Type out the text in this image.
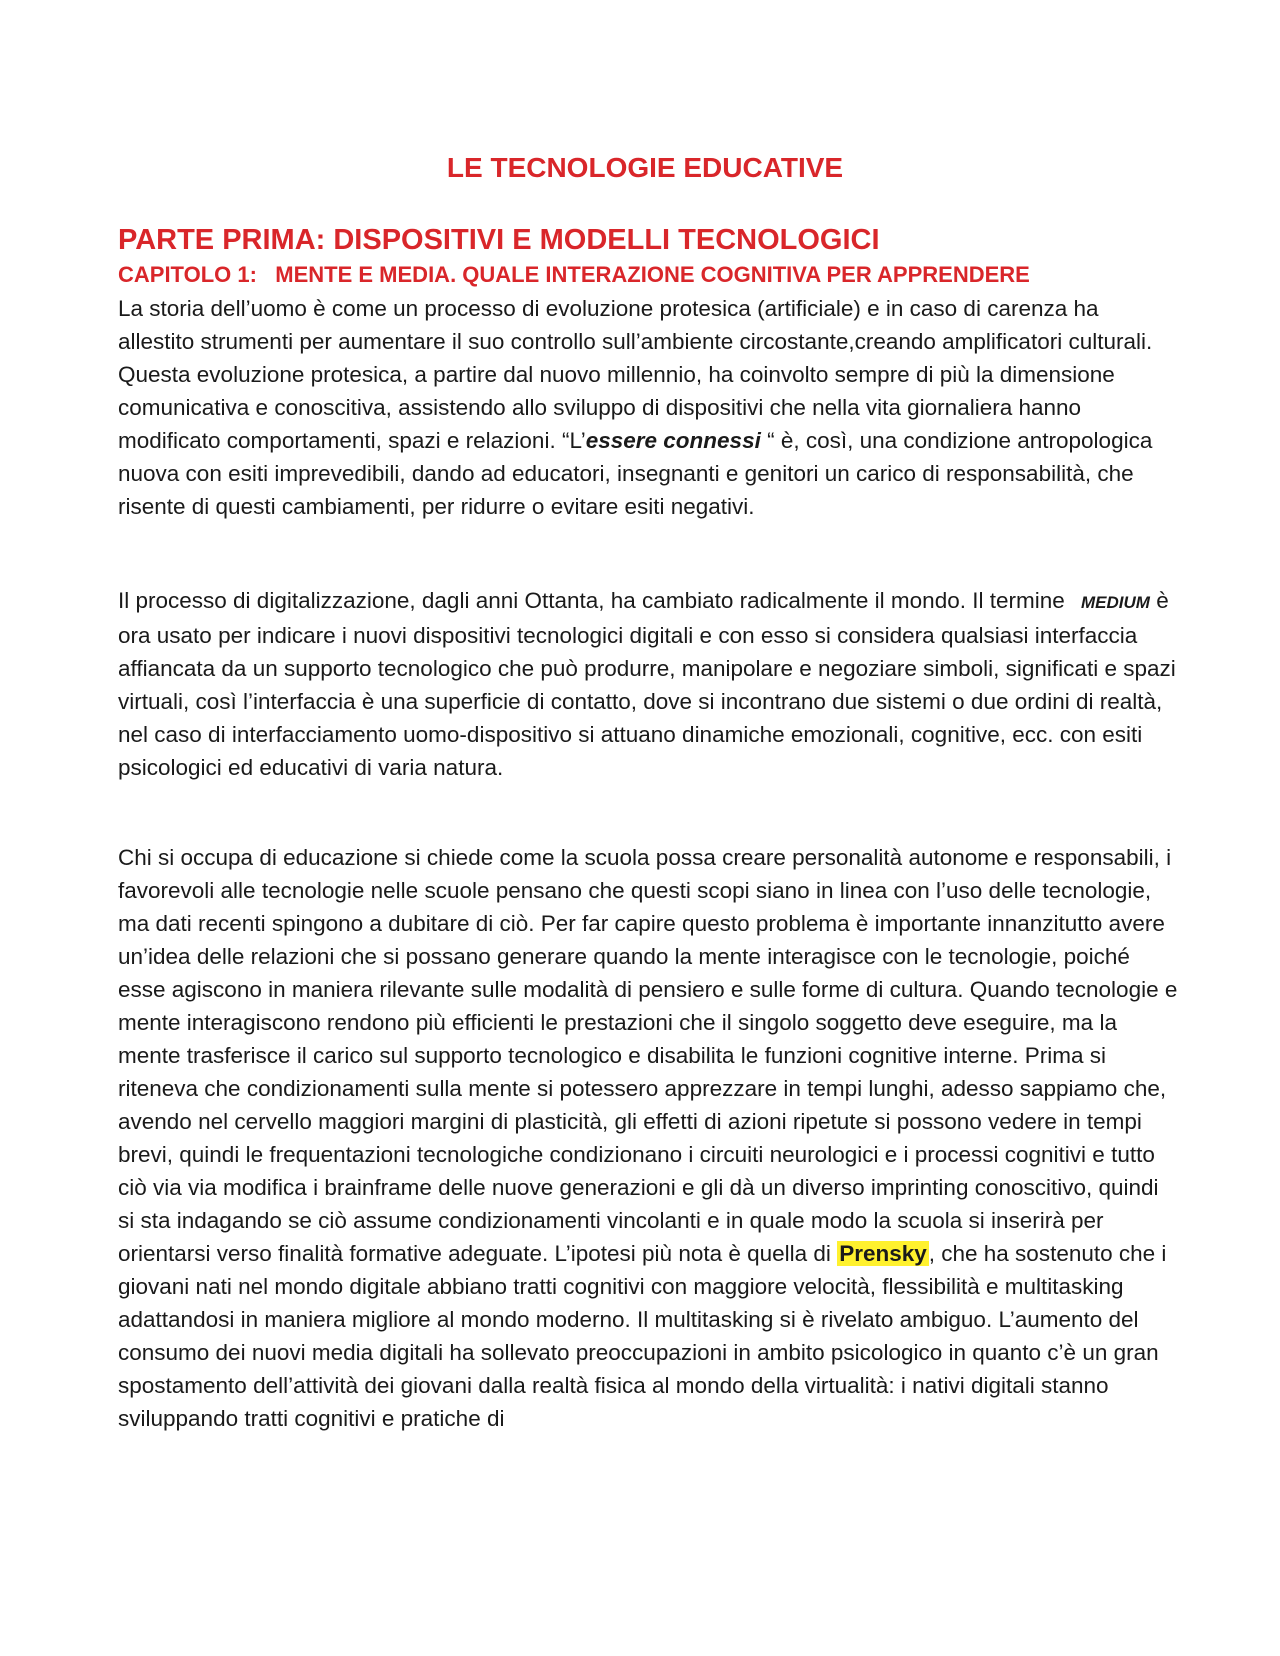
LE TECNOLOGIE EDUCATIVE
PARTE PRIMA: DISPOSITIVI E MODELLI TECNOLOGICI
CAPITOLO 1:   MENTE E MEDIA. QUALE INTERAZIONE COGNITIVA PER APPRENDERE

La storia dell’uomo è come un processo di evoluzione protesica (artificiale) e in caso di carenza ha allestito strumenti per aumentare il suo controllo sull’ambiente circostante,creando amplificatori culturali. Questa evoluzione protesica, a partire dal nuovo millennio, ha coinvolto sempre di più la dimensione comunicativa e conoscitiva, assistendo allo sviluppo di dispositivi che nella vita giornaliera hanno modificato comportamenti, spazi e relazioni. “L’essere connessi “ è, così, una condizione antropologica nuova con esiti imprevedibili, dando ad educatori, insegnanti e genitori un carico di responsabilità, che risente di questi cambiamenti, per ridurre o evitare esiti negativi.

Il processo di digitalizzazione, dagli anni Ottanta, ha cambiato radicalmente il mondo. Il termine MEDIUM è ora usato per indicare i nuovi dispositivi tecnologici digitali e con esso si considera qualsiasi interfaccia affiancata da un supporto tecnologico che può produrre, manipolare e negoziare simboli, significati e spazi virtuali, così l’interfaccia è una superficie di contatto, dove si incontrano due sistemi o due ordini di realtà, nel caso di interfacciamento uomo-dispositivo si attuano dinamiche emozionali, cognitive, ecc. con esiti psicologici ed educativi di varia natura.

Chi si occupa di educazione si chiede come la scuola possa creare personalità autonome e responsabili, i favorevoli alle tecnologie nelle scuole pensano che questi scopi siano in linea con l’uso delle tecnologie, ma dati recenti spingono a dubitare di ciò. Per far capire questo problema è importante innanzitutto avere un’idea delle relazioni che si possano generare quando la mente interagisce con le tecnologie, poiché esse agiscono in maniera rilevante sulle modalità di pensiero e sulle forme di cultura. Quando tecnologie e mente interagiscono rendono più efficienti le prestazioni che il singolo soggetto deve eseguire, ma la mente trasferisce il carico sul supporto tecnologico e disabilita le funzioni cognitive interne. Prima si riteneva che condizionamenti sulla mente si potessero apprezzare in tempi lunghi, adesso sappiamo che, avendo nel cervello maggiori margini di plasticità, gli effetti di azioni ripetute si possono vedere in tempi brevi, quindi le frequentazioni tecnologiche condizionano i circuiti neurologici e i processi cognitivi e tutto ciò via via modifica i brainframe delle nuove generazioni e gli dà un diverso imprinting conoscitivo, quindi si sta indagando se ciò assume condizionamenti vincolanti e in quale modo la scuola si inserirà per orientarsi verso finalità formative adeguate. L’ipotesi più nota è quella di Prensky, che ha sostenuto che i giovani nati nel mondo digitale abbiano tratti cognitivi con maggiore velocità, flessibilità e multitasking adattandosi in maniera migliore al mondo moderno. Il multitasking si è rivelato ambiguo. L’aumento del consumo dei nuovi media digitali ha sollevato preoccupazioni in ambito psicologico in quanto c’è un gran spostamento dell’attività dei giovani dalla realtà fisica al mondo della virtualità: i nativi digitali stanno sviluppando tratti cognitivi e pratiche di
